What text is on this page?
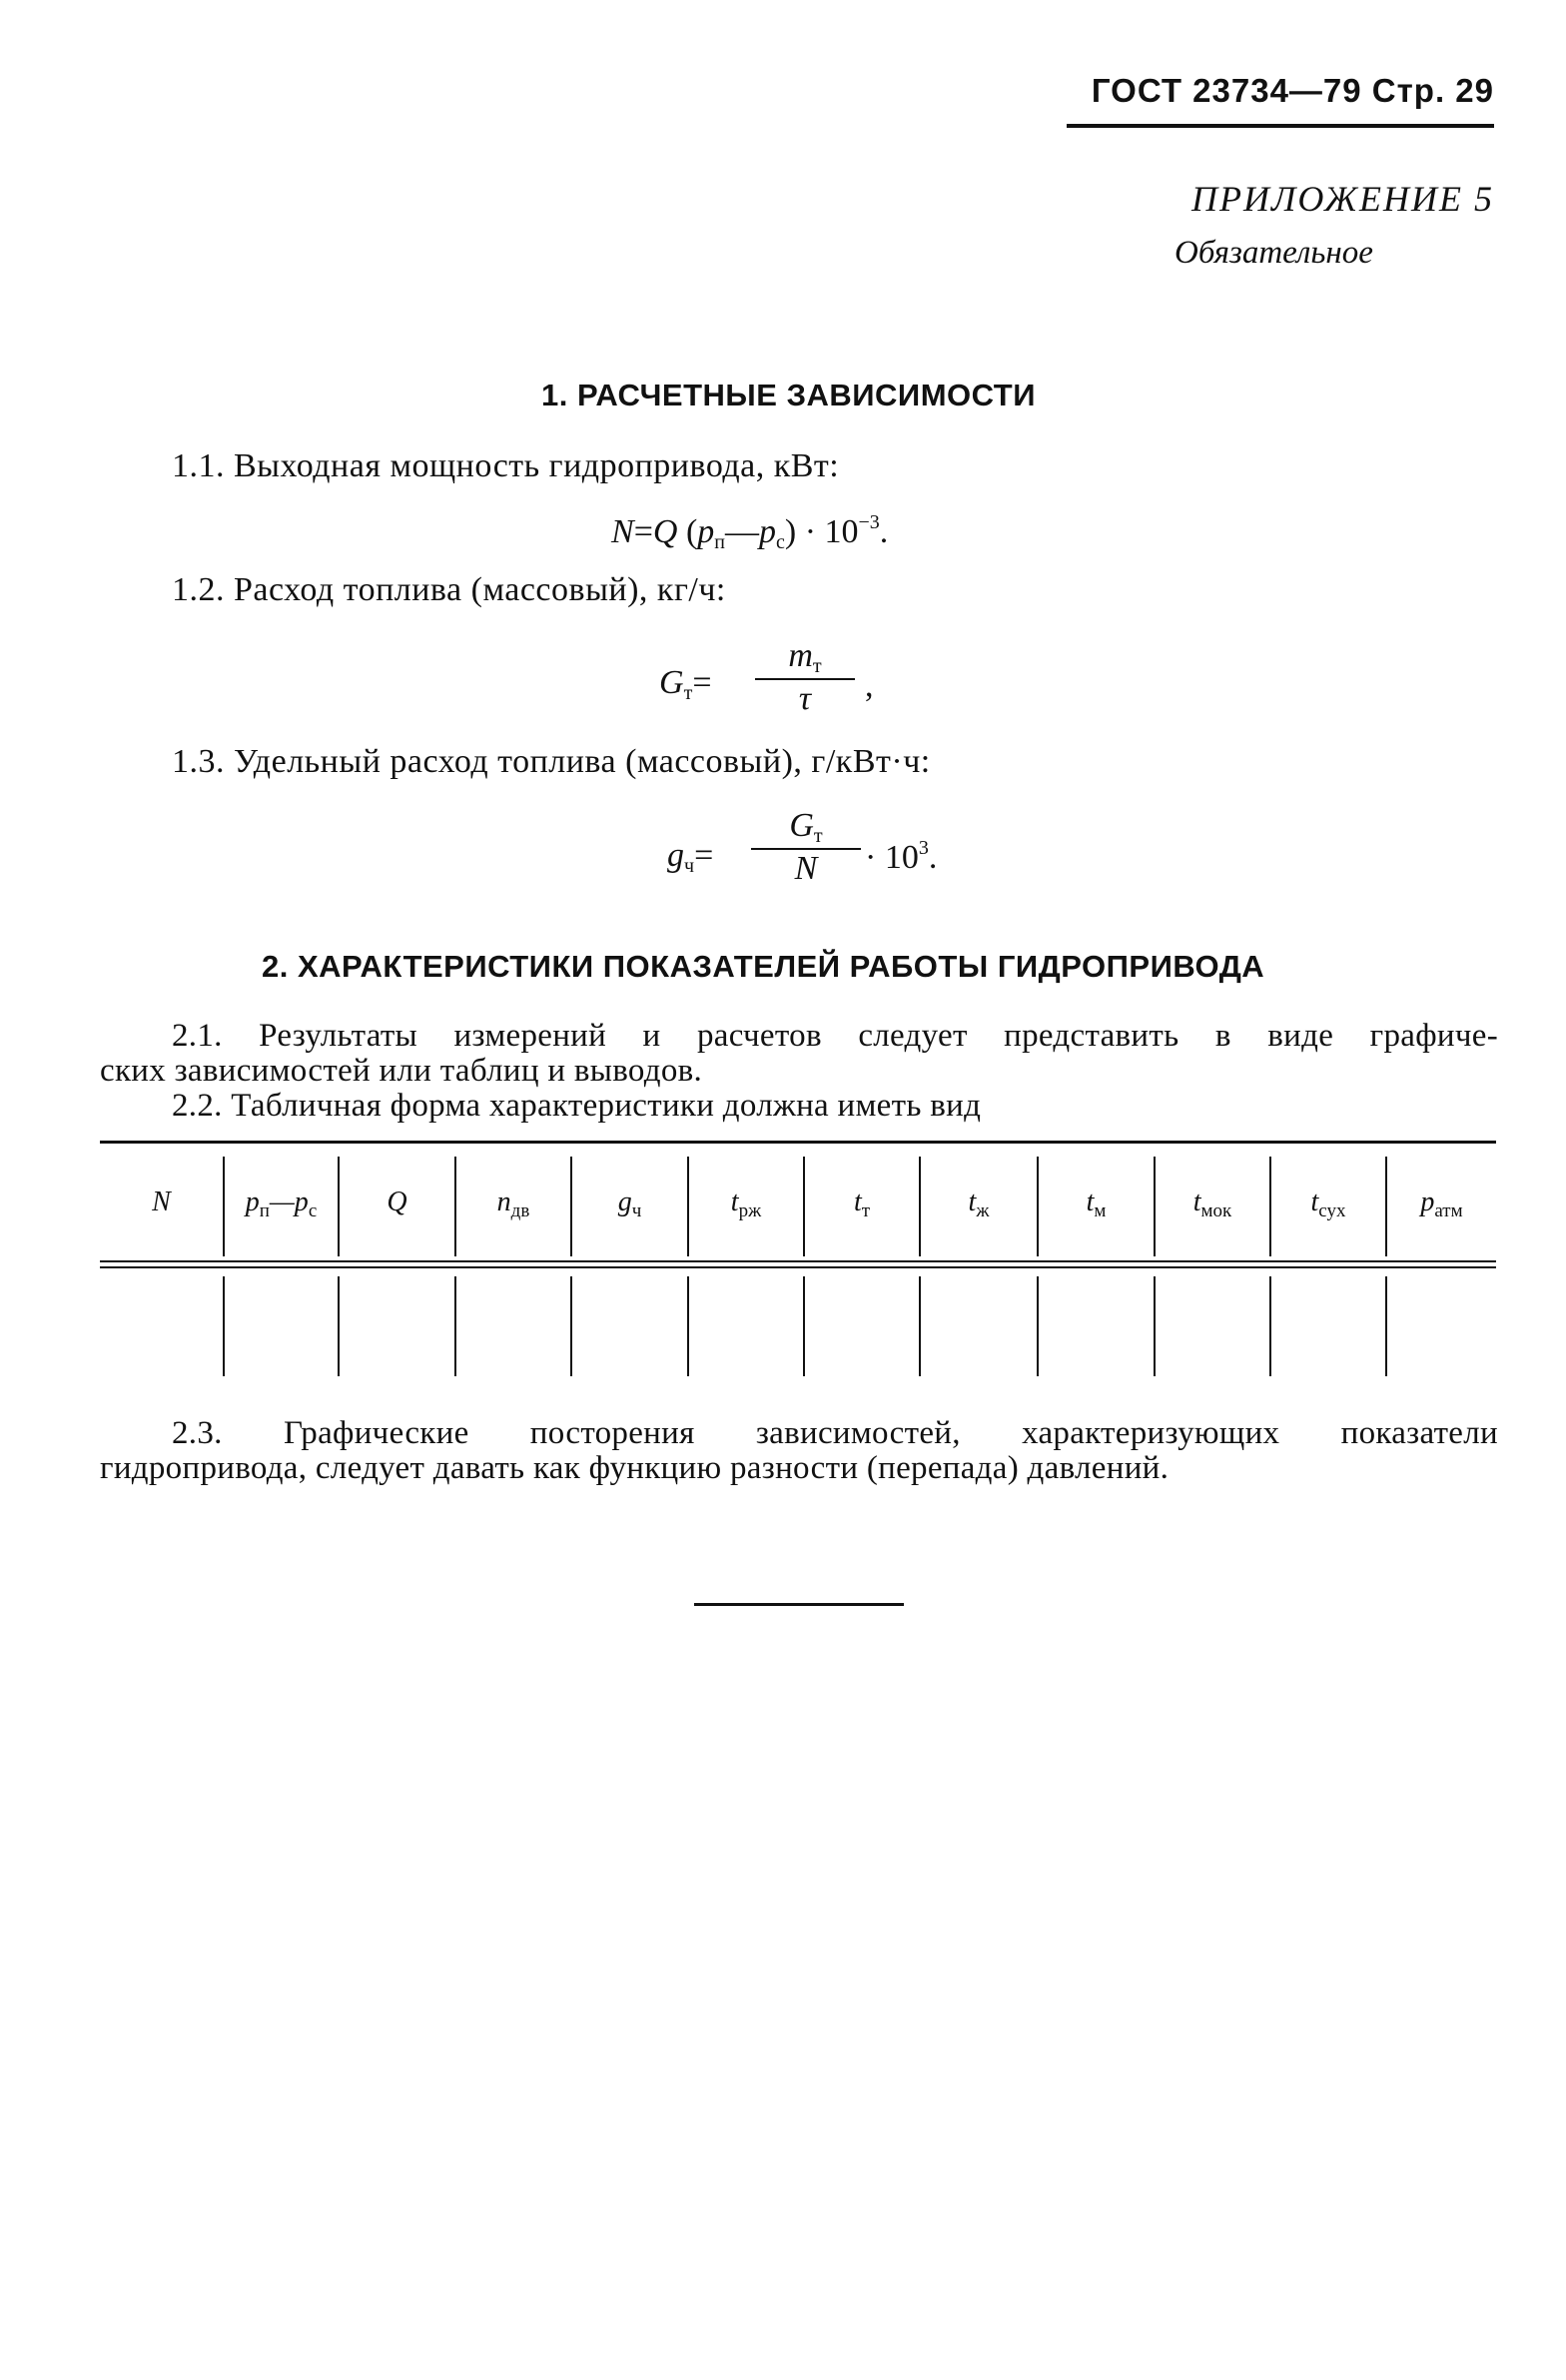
ГОСТ 23734—79 Стр. 29
ПРИЛОЖЕНИЕ 5
Обязательное
1. РАСЧЕТНЫЕ ЗАВИСИМОСТИ
1.1. Выходная мощность гидропривода, кВт:
N=Q $(p_п—p_с) \cdot 10^{-3}$.
1.2. Расход топлива (массовый), кг/ч:
$G_т=$
$m_т$
τ	,
1.3. Удельный расход топлива (массовый), г/кВт·ч:
$g_ч=$
$G_т$
N	· $10^3$.
2. ХАРАКТЕРИСТИКИ ПОКАЗАТЕЛЕЙ РАБОТЫ ГИДРОПРИВОДА
2.1. Результаты измерений и расчетов следует представить в виде графиче-
ских зависимостей или таблиц и выводов.
2.2. Табличная форма характеристики должна иметь вид
N	$p_п—p_с$	Q	$n_{дв}$	$g_ч$	$t_{рж}$	$t_т$	$t_ж$	$t_м$	$t_{мок}$	$t_{сух}$	$p_{атм}$
2.3. Графические посторения зависимостей, характеризующих показатели
гидропривода, следует давать как функцию разности (перепада) давлений.
